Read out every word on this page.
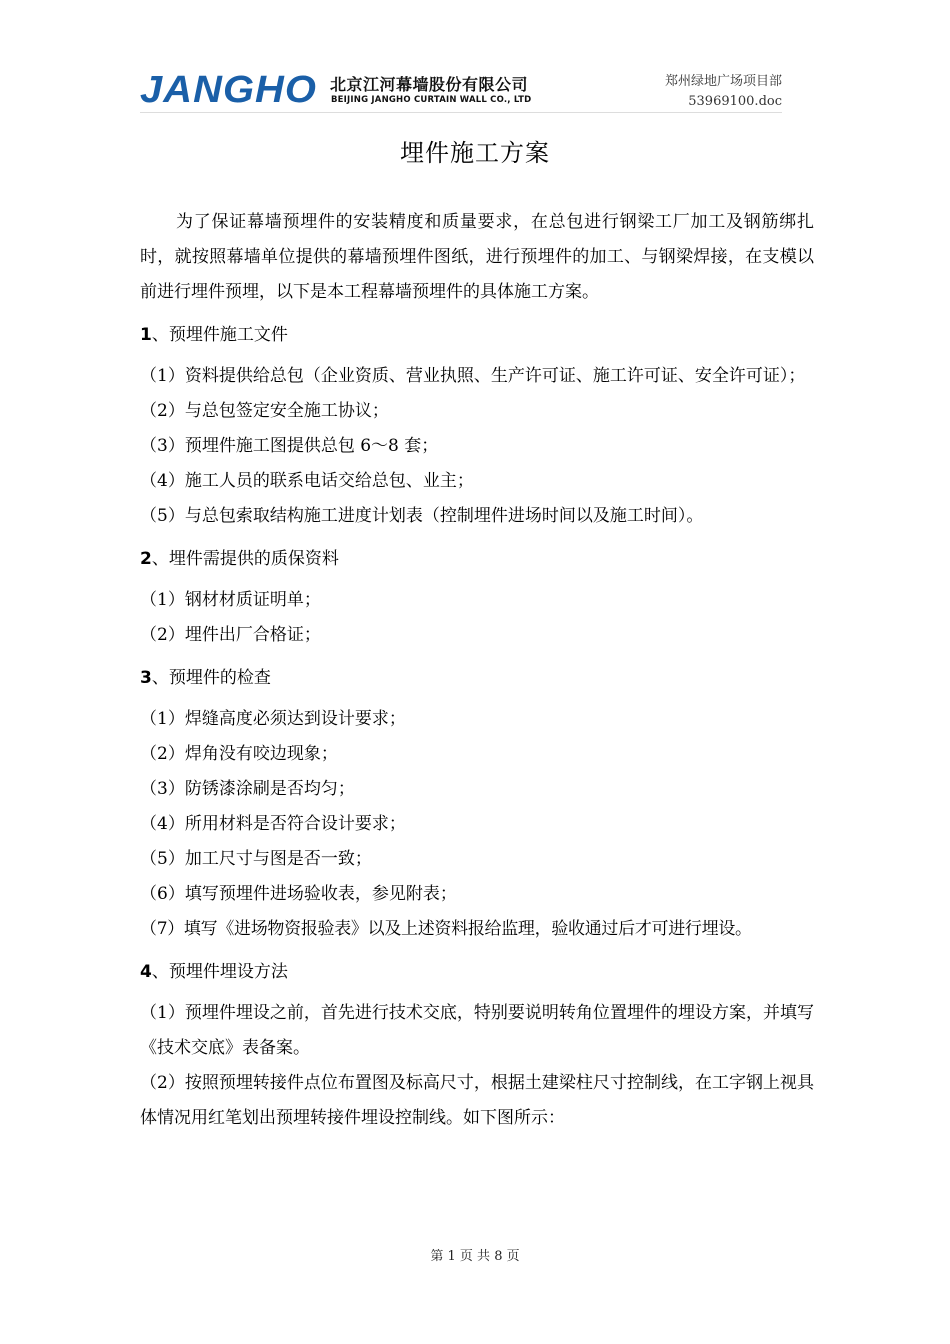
JANGHO 北京江河幕墙股份有限公司
BEIJING JANGHO CURTAIN WALL CO., LTD
郑州绿地广场项目部
53969100.doc
埋件施工方案

为了保证幕墙预埋件的安装精度和质量要求，在总包进行钢梁工厂加工及钢筋绑扎时，就按照幕墙单位提供的幕墙预埋件图纸，进行预埋件的加工、与钢梁焊接，在支模以前进行埋件预埋，以下是本工程幕墙预埋件的具体施工方案。

1、预埋件施工文件

（1）资料提供给总包（企业资质、营业执照、生产许可证、施工许可证、安全许可证）；

（2）与总包签定安全施工协议；

（3）预埋件施工图提供总包 6～8 套；

（4）施工人员的联系电话交给总包、业主；

（5）与总包索取结构施工进度计划表（控制埋件进场时间以及施工时间）。

2、埋件需提供的质保资料

（1）钢材材质证明单；

（2）埋件出厂合格证；

3、预埋件的检查

（1）焊缝高度必须达到设计要求；

（2）焊角没有咬边现象；

（3）防锈漆涂刷是否均匀；

（4）所用材料是否符合设计要求；

（5）加工尺寸与图是否一致；

（6）填写预埋件进场验收表，参见附表；

（7）填写《进场物资报验表》以及上述资料报给监理，验收通过后才可进行埋设。

4、预埋件埋设方法

（1）预埋件埋设之前，首先进行技术交底，特别要说明转角位置埋件的埋设方案，并填写《技术交底》表备案。

（2）按照预埋转接件点位布置图及标高尺寸，根据土建梁柱尺寸控制线，在工字钢上视具体情况用红笔划出预埋转接件埋设控制线。如下图所示：

第 1 页 共 8 页
